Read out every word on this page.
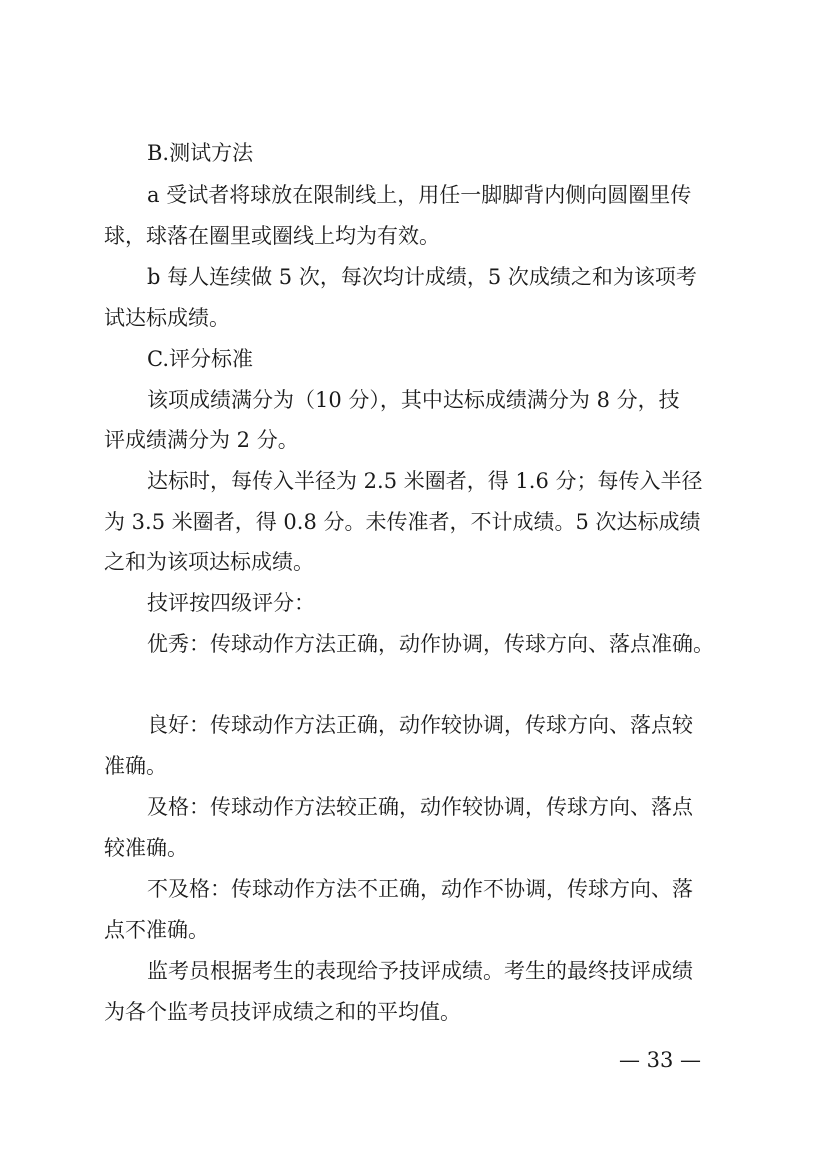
B.测试方法
a 受试者将球放在限制线上，用任一脚脚背内侧向圆圈里传
球，球落在圈里或圈线上均为有效。
b 每人连续做 5 次，每次均计成绩，5 次成绩之和为该项考
试达标成绩。
C.评分标准
该项成绩满分为（10 分），其中达标成绩满分为 8 分，技
评成绩满分为 2 分。
达标时，每传入半径为 2.5 米圈者，得 1.6 分；每传入半径
为 3.5 米圈者，得 0.8 分。未传准者，不计成绩。5 次达标成绩
之和为该项达标成绩。
技评按四级评分：
优秀：传球动作方法正确，动作协调，传球方向、落点准确。
良好：传球动作方法正确，动作较协调，传球方向、落点较
准确。
及格：传球动作方法较正确，动作较协调，传球方向、落点
较准确。
不及格：传球动作方法不正确，动作不协调，传球方向、落
点不准确。
监考员根据考生的表现给予技评成绩。考生的最终技评成绩
为各个监考员技评成绩之和的平均值。
— 33 —
